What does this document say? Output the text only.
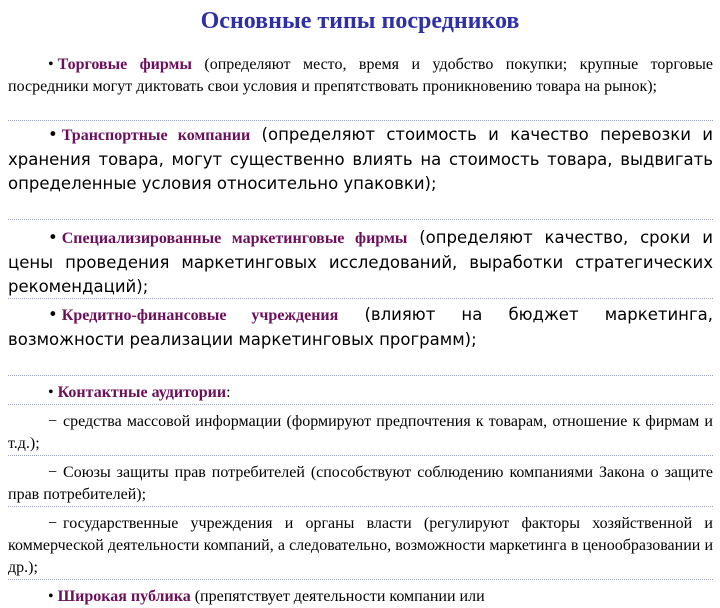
Основные типы посредников
• Торговые фирмы (определяют место, время и удобство покупки; крупные торговые посредники могут диктовать свои условия и препятствовать проникновению товара на рынок);
• Транспортные компании (определяют стоимость и качество перевозки и хранения товара, могут существенно влиять на стоимость товара, выдвигать определенные условия относительно упаковки);
• Специализированные маркетинговые фирмы (определяют качество, сроки и цены проведения маркетинговых исследований, выработки стратегических рекомендаций);
• Кредитно-финансовые учреждения (влияют на бюджет маркетинга, возможности реализации маркетинговых программ);
• Контактные аудитории:
− средства массовой информации (формируют предпочтения к товарам, отношение к фирмам и т.д.);
− Союзы защиты прав потребителей (способствуют соблюдению компаниями Закона о защите прав потребителей);
− государственные учреждения и органы власти (регулируют факторы хозяйственной и коммерческой деятельности компаний, а следовательно, возможности маркетинга в ценообразовании и др.);
• Широкая публика (препятствует деятельности компании или
